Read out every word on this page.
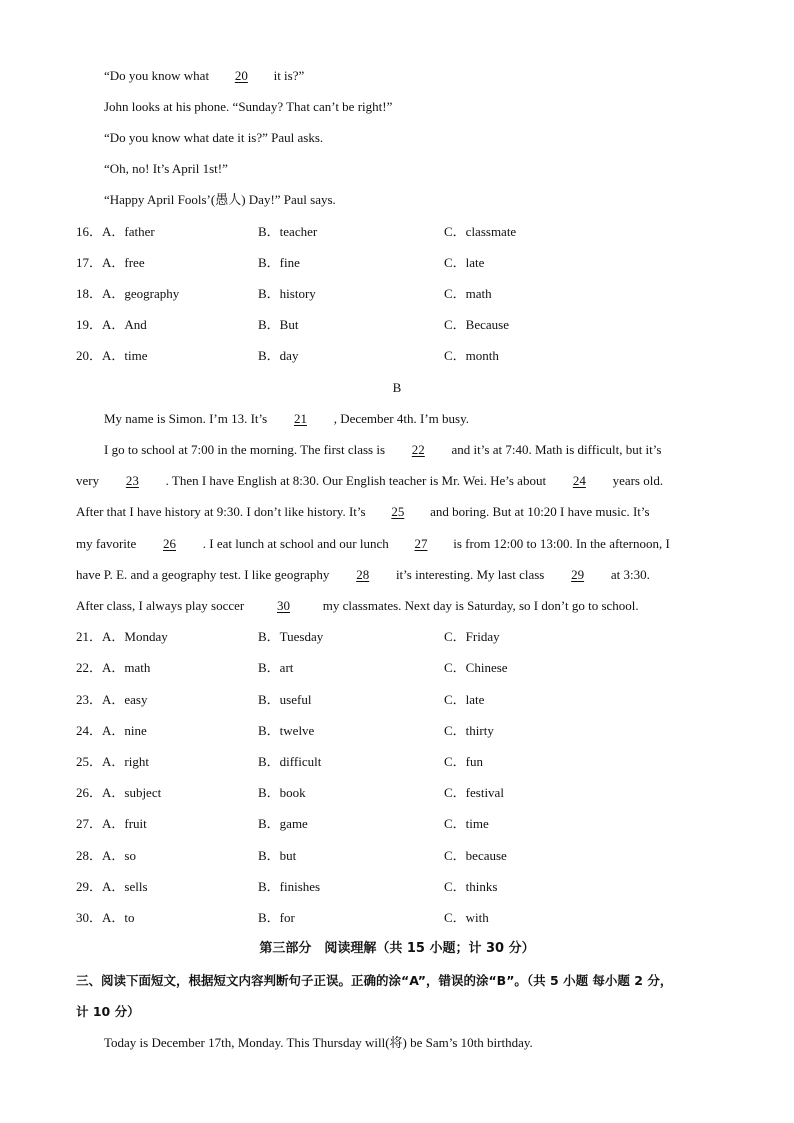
“Do you know what 20 it is?”
John looks at his phone. “Sunday? That can’t be right!”
“Do you know what date it is?” Paul asks.
“Oh, no! It’s April 1st!”
“Happy April Fools’(愚人) Day!” Paul says.
16．A．father	B．teacher	C．classmate
17．A．free	B．fine	C．late
18．A．geography	B．history	C．math
19．A．And	B．But	C．Because
20．A．time	B．day	C．month
B
My name is Simon. I’m 13. It’s 21 , December 4th. I’m busy.
I go to school at 7:00 in the morning. The first class is 22 and it’s at 7:40. Math is difficult, but it’s
very 23 . Then I have English at 8:30. Our English teacher is Mr. Wei. He’s about 24 years old.
After that I have history at 9:30. I don’t like history. It’s 25 and boring. But at 10:20 I have music. It’s
my favorite 26 . I eat lunch at school and our lunch 27 is from 12:00 to 13:00. In the afternoon, I
have P. E. and a geography test. I like geography 28 it’s interesting. My last class 29 at 3:30.
After class, I always play soccer 30	my classmates. Next day is Saturday, so I don’t go to school.
21．A．Monday	B．Tuesday	C．Friday
22．A．math	B．art	C．Chinese
23．A．easy	B．useful	C．late
24．A．nine	B．twelve	C．thirty
25．A．right	B．difficult	C．fun
26．A．subject	B．book	C．festival
27．A．fruit	B．game	C．time
28．A．so	B．but	C．because
29．A．sells	B．finishes	C．thinks
30．A．to	B．for	C．with
第三部分　阅读理解（共 15 小题；计 30 分）
三、阅读下面短文，根据短文内容判断句子正误。正确的涂“A”，错误的涂“B”。（共 5 小题 每小题 2 分，
计 10 分）
Today is December 17th, Monday. This Thursday will(将) be Sam’s 10th birthday.
